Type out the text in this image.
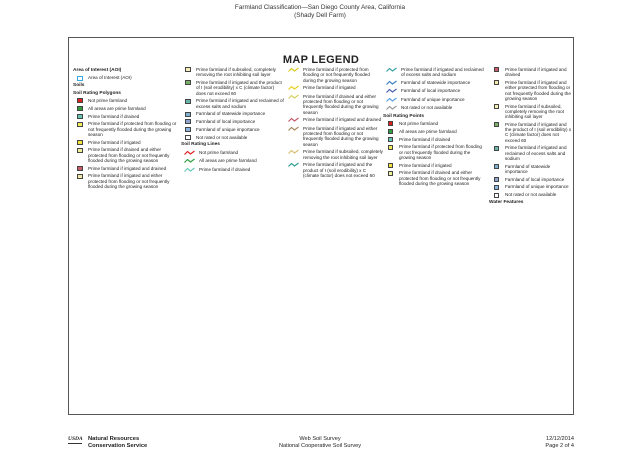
Farmland Classification—San Diego County Area, California
(Shady Dell Farm)
MAP LEGEND
Area of Interest (AOI)
Area of Interest (AOI)
Soils
Soil Rating Polygons
Not prime farmland
All areas are prime farmland
Prime farmland if drained
Prime farmland if protected from flooding or not frequently flooded during the growing season
Prime farmland if irrigated
Prime farmland if drained and either protected from flooding or not frequently flooded during the growing season
Prime farmland if irrigated and drained
Prime farmland if irrigated and either protected from flooding or not frequently flooded during the growing season
Prime farmland if subsoiled, completely removing the root inhibiting soil layer
Prime farmland if irrigated and the product of I (soil erodibility) x C (climate factor) does not exceed 60
Prime farmland if irrigated and reclaimed of excess salts and sodium
Farmland of statewide importance
Farmland of local importance
Farmland of unique importance
Not rated or not available
Soil Rating Lines
Not prime farmland
All areas are prime farmland
Prime farmland if drained
Prime farmland if protected from flooding or not frequently flooded during the growing season
Prime farmland if irrigated
Prime farmland if drained and either protected from flooding or not frequently flooded during the growing season
Prime farmland if irrigated and drained
Prime farmland if irrigated and either protected from flooding or not frequently flooded during the growing season
Prime farmland if subsoiled, completely removing the root inhibiting soil layer
Prime farmland if irrigated and the product of I (soil erodibility) x C (climate factor) does not exceed 60
Prime farmland if irrigated and reclaimed of excess salts and sodium
Farmland of statewide importance
Farmland of local importance
Farmland of unique importance
Not rated or not available
Soil Rating Points
Not prime farmland
All areas are prime farmland
Prime farmland if drained
Prime farmland if protected from flooding or not frequently flooded during the growing season
Prime farmland if irrigated
Prime farmland if drained and either protected from flooding or not frequently flooded during the growing season
Prime farmland if irrigated and drained
Prime farmland if irrigated and either protected from flooding or not frequently flooded during the growing season
Prime farmland if subsoiled, completely removing the root inhibiting soil layer
Prime farmland if irrigated and the product of I (soil erodibility) x C (climate factor) does not exceed 60
Prime farmland if irrigated and reclaimed of excess salts and sodium
Farmland of statewide importance
Farmland of local importance
Farmland of unique importance
Not rated or not available
Water Features
USDA Natural Resources
Conservation Service
Web Soil Survey
National Cooperative Soil Survey
12/12/2014
Page 2 of 4
